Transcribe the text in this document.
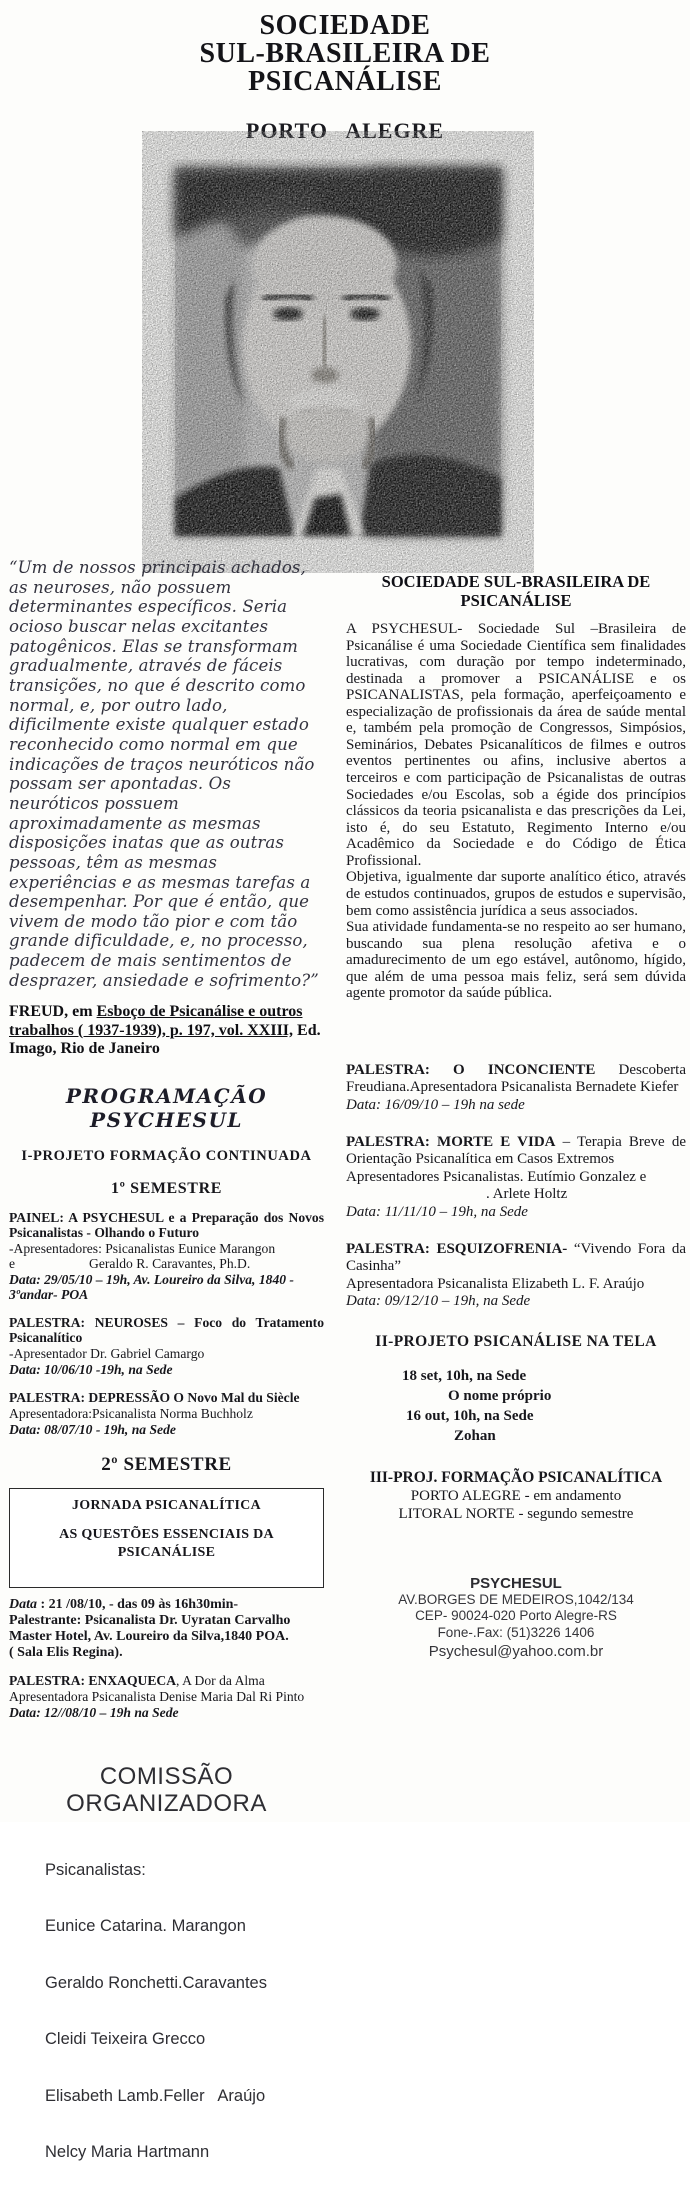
SOCIEDADE
SUL-BRASILEIRA DE
PSICANÁLISE
PORTO ALEGRE
“Um de nossos principais achados, as neuroses, não possuem determinantes específicos. Seria ocioso buscar nelas excitantes patogênicos. Elas se transformam gradualmente, através de fáceis transições, no que é descrito como normal, e, por outro lado, dificilmente existe qualquer estado reconhecido como normal em que indicações de traços neuróticos não possam ser apontadas. Os neuróticos possuem aproximadamente as mesmas disposições inatas que as outras pessoas, têm as mesmas experiências e as mesmas tarefas a desempenhar. Por que é então, que vivem de modo tão pior e com tão grande dificuldade, e, no processo, padecem de mais sentimentos de desprazer, ansiedade e sofrimento?”
FREUD, em Esboço de Psicanálise e outros trabalhos ( 1937-1939), p. 197, vol. XXIII, Ed. Imago, Rio de Janeiro
PROGRAMAÇÃO PSYCHESUL
I-PROJETO FORMAÇÃO CONTINUADA
1º SEMESTRE
PAINEL: A PSYCHESUL e a Preparação dos Novos Psicanalistas - Olhando o Futuro
-Apresentadores: Psicanalistas Eunice Marangon
e	Geraldo R. Caravantes, Ph.D.
Data: 29/05/10 – 19h, Av. Loureiro da Silva, 1840 - 3ºandar- POA
PALESTRA: NEUROSES – Foco do Tratamento Psicanalítico
-Apresentador Dr. Gabriel Camargo
Data: 10/06/10 -19h, na Sede
PALESTRA: DEPRESSÃO O Novo Mal du Siècle
Apresentadora:Psicanalista Norma Buchholz
Data: 08/07/10 - 19h, na Sede
2º SEMESTRE
JORNADA PSICANALÍTICA
AS QUESTÕES ESSENCIAIS DA PSICANÁLISE
Data : 21 /08/10, - das 09 às 16h30min-
Palestrante: Psicanalista Dr. Uyratan Carvalho
Master Hotel, Av. Loureiro da Silva,1840 POA.
( Sala Elis Regina).
PALESTRA: ENXAQUECA, A Dor da Alma
Apresentadora Psicanalista Denise Maria Dal Ri Pinto
Data: 12//08/10 – 19h na Sede
COMISSÃO
ORGANIZADORA

Psicanalistas:

Eunice Catarina. Marangon

Geraldo Ronchetti.Caravantes

Cleidi Teixeira Grecco

Elisabeth Lamb.Feller   Araújo

Nelcy Maria Hartmann

SOCIEDADE SUL-BRASILEIRA DE PSICANÁLISE

A PSYCHESUL- Sociedade Sul –Brasileira de Psicanálise é uma Sociedade Científica sem finalidades lucrativas, com duração por tempo indeterminado, destinada a promover a PSICANÁLISE e os PSICANALISTAS, pela formação, aperfeiçoamento e especialização de profissionais da área de saúde mental e, também pela promoção de Congressos, Simpósios, Seminários, Debates Psicanalíticos de filmes e outros eventos pertinentes ou afins, inclusive abertos a terceiros e com participação de Psicanalistas de outras Sociedades e/ou Escolas, sob a égide dos princípios clássicos da teoria psicanalista e das prescrições da Lei, isto é, do seu Estatuto, Regimento Interno e/ou Acadêmico da Sociedade e do Código de Ética Profissional.

Objetiva, igualmente dar suporte analítico ético, através de estudos continuados, grupos de estudos e supervisão, bem como assistência jurídica a seus associados.

Sua atividade fundamenta-se no respeito ao ser humano, buscando sua plena resolução afetiva e o amadurecimento de um ego estável, autônomo, hígido, que além de uma pessoa mais feliz, será sem dúvida agente promotor da saúde pública.

PALESTRA: O INCONCIENTE Descoberta Freudiana.Apresentadora Psicanalista Bernadete Kiefer
Data: 16/09/10 – 19h na sede
PALESTRA: MORTE E VIDA – Terapia Breve de Orientação Psicanalítica em Casos Extremos
Apresentadores Psicanalistas. Eutímio Gonzalez e
. Arlete Holtz
Data: 11/11/10 – 19h, na Sede
PALESTRA: ESQUIZOFRENIA- “Vivendo Fora da Casinha”
Apresentadora Psicanalista Elizabeth L. F. Araújo
Data: 09/12/10 – 19h, na Sede
II-PROJETO PSICANÁLISE NA TELA
18 set, 10h, na Sede
O nome próprio
16 out, 10h, na Sede
Zohan
III-PROJ. FORMAÇÃO PSICANALÍTICA
PORTO ALEGRE - em andamento
LITORAL NORTE - segundo semestre
PSYCHESUL
AV.BORGES DE MEDEIROS,1042/134
CEP- 90024-020 Porto Alegre-RS
Fone-.Fax: (51)3226 1406
Psychesul@yahoo.com.br
